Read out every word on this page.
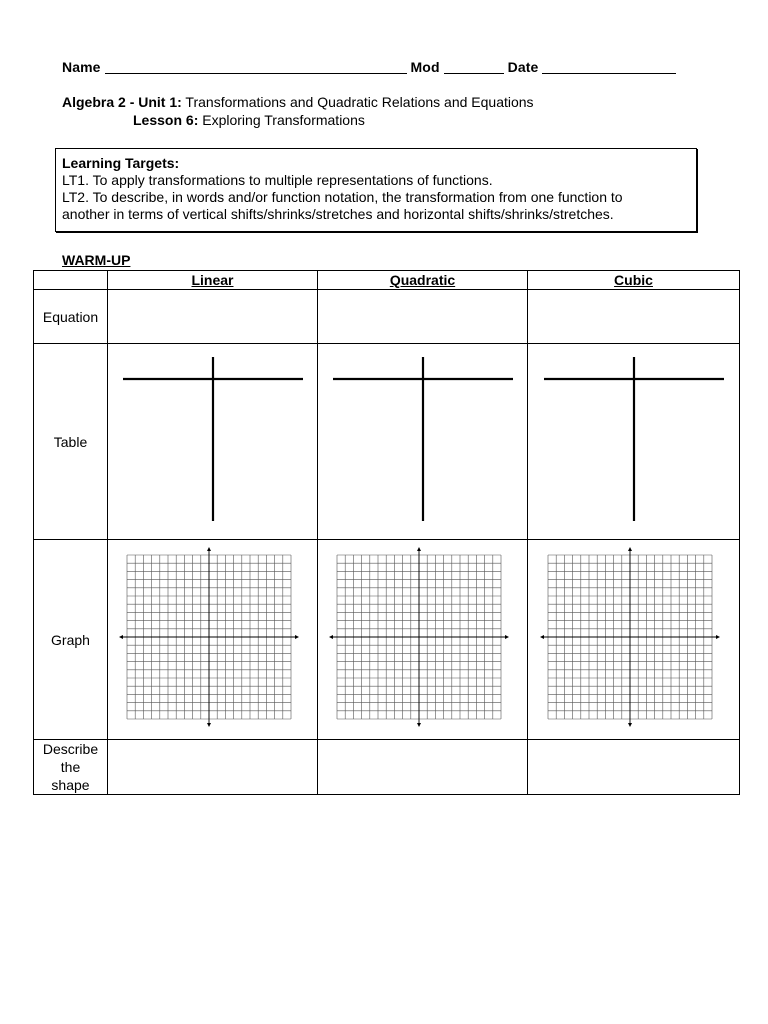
Name	Mod	Date
Algebra 2 - Unit 1: Transformations and Quadratic Relations and Equations
Lesson 6: Exploring Transformations
Learning Targets:
LT1. To apply transformations to multiple representations of functions.
LT2. To describe, in words and/or function notation, the transformation from one function to
another in terms of vertical shifts/shrinks/stretches and horizontal shifts/shrinks/stretches.
WARM-UP
	Linear	Quadratic	Cubic
Equation			
Table	

Graph	

Describe
the
shape			
